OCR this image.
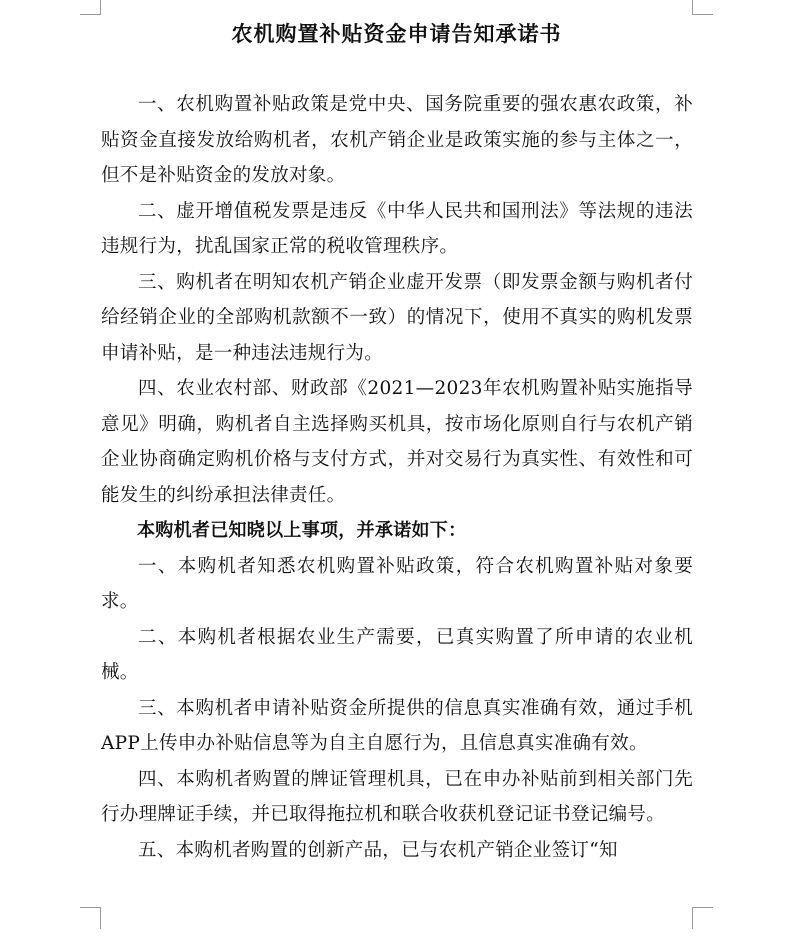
农机购置补贴资金申请告知承诺书

一、农机购置补贴政策是党中央、国务院重要的强农惠农政策，补贴资金直接发放给购机者，农机产销企业是政策实施的参与主体之一，但不是补贴资金的发放对象。

二、虚开增值税发票是违反《中华人民共和国刑法》等法规的违法违规行为，扰乱国家正常的税收管理秩序。

三、购机者在明知农机产销企业虚开发票（即发票金额与购机者付给经销企业的全部购机款额不一致）的情况下，使用不真实的购机发票申请补贴，是一种违法违规行为。

四、农业农村部、财政部《2021—2023年农机购置补贴实施指导意见》明确，购机者自主选择购买机具，按市场化原则自行与农机产销企业协商确定购机价格与支付方式，并对交易行为真实性、有效性和可能发生的纠纷承担法律责任。

本购机者已知晓以上事项，并承诺如下：

一、本购机者知悉农机购置补贴政策，符合农机购置补贴对象要求。

二、本购机者根据农业生产需要，已真实购置了所申请的农业机械。

三、本购机者申请补贴资金所提供的信息真实准确有效，通过手机APP上传申办补贴信息等为自主自愿行为，且信息真实准确有效。

四、本购机者购置的牌证管理机具，已在申办补贴前到相关部门先行办理牌证手续，并已取得拖拉机和联合收获机登记证书登记编号。

五、本购机者购置的创新产品，已与农机产销企业签订“知
